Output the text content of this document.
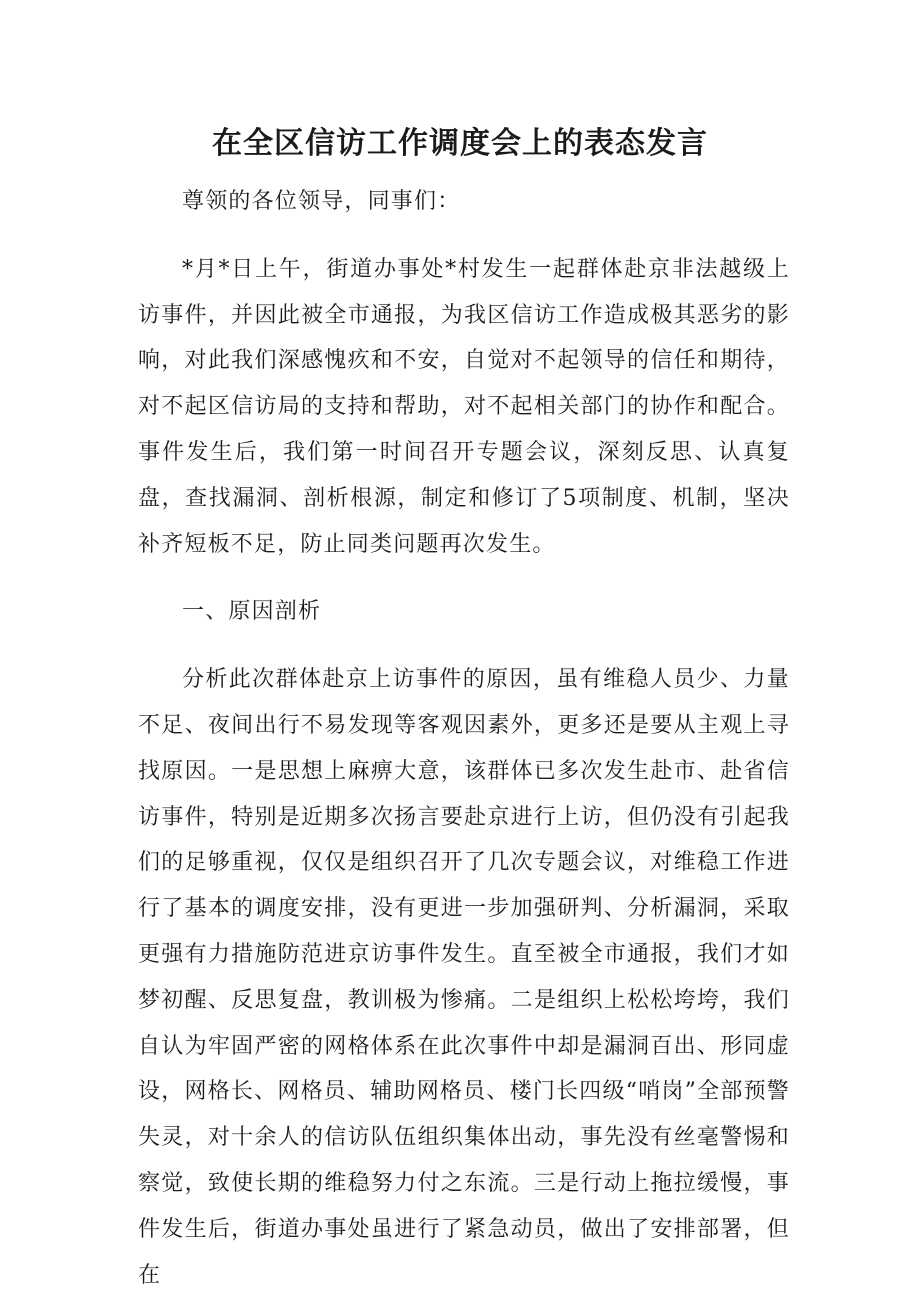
在全区信访工作调度会上的表态发言

尊领的各位领导，同事们：

*月*日上午，街道办事处*村发生一起群体赴京非法越级上访事件，并因此被全市通报，为我区信访工作造成极其恶劣的影响，对此我们深感愧疚和不安，自觉对不起领导的信任和期待，对不起区信访局的支持和帮助，对不起相关部门的协作和配合。事件发生后，我们第一时间召开专题会议，深刻反思、认真复盘，查找漏洞、剖析根源，制定和修订了5项制度、机制，坚决补齐短板不足，防止同类问题再次发生。

一、原因剖析

分析此次群体赴京上访事件的原因，虽有维稳人员少、力量不足、夜间出行不易发现等客观因素外，更多还是要从主观上寻找原因。一是思想上麻痹大意，该群体已多次发生赴市、赴省信访事件，特别是近期多次扬言要赴京进行上访，但仍没有引起我们的足够重视，仅仅是组织召开了几次专题会议，对维稳工作进行了基本的调度安排，没有更进一步加强研判、分析漏洞，采取更强有力措施防范进京访事件发生。直至被全市通报，我们才如梦初醒、反思复盘，教训极为惨痛。二是组织上松松垮垮，我们自认为牢固严密的网格体系在此次事件中却是漏洞百出、形同虚设，网格长、网格员、辅助网格员、楼门长四级“哨岗”全部预警失灵，对十余人的信访队伍组织集体出动，事先没有丝毫警惕和察觉，致使长期的维稳努力付之东流。三是行动上拖拉缓慢，事件发生后，街道办事处虽进行了紧急动员，做出了安排部署，但在
